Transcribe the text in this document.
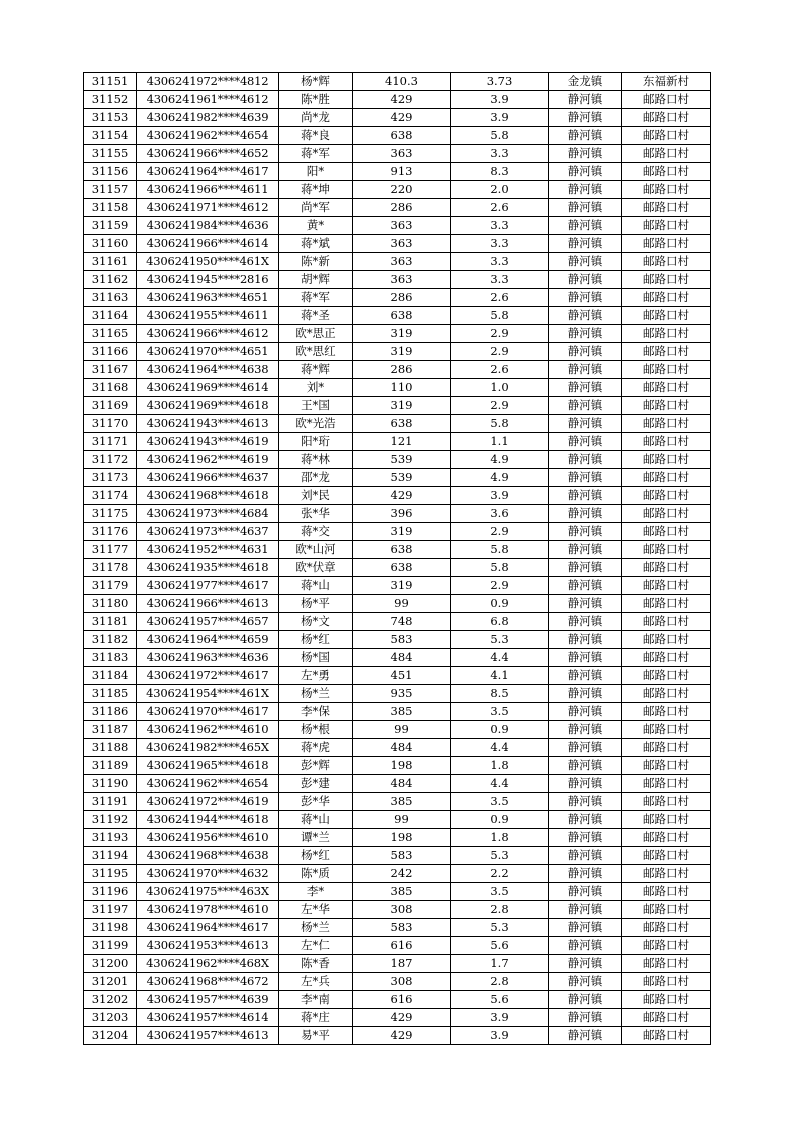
31151	4306241972****4812	杨*辉	410.3	3.73	金龙镇	东福新村
31152	4306241961****4612	陈*胜	429	3.9	静河镇	邮路口村
31153	4306241982****4639	尚*龙	429	3.9	静河镇	邮路口村
31154	4306241962****4654	蒋*良	638	5.8	静河镇	邮路口村
31155	4306241966****4652	蒋*军	363	3.3	静河镇	邮路口村
31156	4306241964****4617	阳*	913	8.3	静河镇	邮路口村
31157	4306241966****4611	蒋*坤	220	2.0	静河镇	邮路口村
31158	4306241971****4612	尚*军	286	2.6	静河镇	邮路口村
31159	4306241984****4636	黄*	363	3.3	静河镇	邮路口村
31160	4306241966****4614	蒋*斌	363	3.3	静河镇	邮路口村
31161	4306241950****461X	陈*新	363	3.3	静河镇	邮路口村
31162	4306241945****2816	胡*辉	363	3.3	静河镇	邮路口村
31163	4306241963****4651	蒋*军	286	2.6	静河镇	邮路口村
31164	4306241955****4611	蒋*圣	638	5.8	静河镇	邮路口村
31165	4306241966****4612	欧*思正	319	2.9	静河镇	邮路口村
31166	4306241970****4651	欧*思红	319	2.9	静河镇	邮路口村
31167	4306241964****4638	蒋*辉	286	2.6	静河镇	邮路口村
31168	4306241969****4614	刘*	110	1.0	静河镇	邮路口村
31169	4306241969****4618	王*国	319	2.9	静河镇	邮路口村
31170	4306241943****4613	欧*光浩	638	5.8	静河镇	邮路口村
31171	4306241943****4619	阳*珩	121	1.1	静河镇	邮路口村
31172	4306241962****4619	蒋*林	539	4.9	静河镇	邮路口村
31173	4306241966****4637	邵*龙	539	4.9	静河镇	邮路口村
31174	4306241968****4618	刘*民	429	3.9	静河镇	邮路口村
31175	4306241973****4684	张*华	396	3.6	静河镇	邮路口村
31176	4306241973****4637	蒋*交	319	2.9	静河镇	邮路口村
31177	4306241952****4631	欧*山河	638	5.8	静河镇	邮路口村
31178	4306241935****4618	欧*伏章	638	5.8	静河镇	邮路口村
31179	4306241977****4617	蒋*山	319	2.9	静河镇	邮路口村
31180	4306241966****4613	杨*平	99	0.9	静河镇	邮路口村
31181	4306241957****4657	杨*文	748	6.8	静河镇	邮路口村
31182	4306241964****4659	杨*红	583	5.3	静河镇	邮路口村
31183	4306241963****4636	杨*国	484	4.4	静河镇	邮路口村
31184	4306241972****4617	左*勇	451	4.1	静河镇	邮路口村
31185	4306241954****461X	杨*兰	935	8.5	静河镇	邮路口村
31186	4306241970****4617	李*保	385	3.5	静河镇	邮路口村
31187	4306241962****4610	杨*根	99	0.9	静河镇	邮路口村
31188	4306241982****465X	蒋*虎	484	4.4	静河镇	邮路口村
31189	4306241965****4618	彭*辉	198	1.8	静河镇	邮路口村
31190	4306241962****4654	彭*建	484	4.4	静河镇	邮路口村
31191	4306241972****4619	彭*华	385	3.5	静河镇	邮路口村
31192	4306241944****4618	蒋*山	99	0.9	静河镇	邮路口村
31193	4306241956****4610	谭*兰	198	1.8	静河镇	邮路口村
31194	4306241968****4638	杨*红	583	5.3	静河镇	邮路口村
31195	4306241970****4632	陈*质	242	2.2	静河镇	邮路口村
31196	4306241975****463X	李*	385	3.5	静河镇	邮路口村
31197	4306241978****4610	左*华	308	2.8	静河镇	邮路口村
31198	4306241964****4617	杨*兰	583	5.3	静河镇	邮路口村
31199	4306241953****4613	左*仁	616	5.6	静河镇	邮路口村
31200	4306241962****468X	陈*香	187	1.7	静河镇	邮路口村
31201	4306241968****4672	左*兵	308	2.8	静河镇	邮路口村
31202	4306241957****4639	李*南	616	5.6	静河镇	邮路口村
31203	4306241957****4614	蒋*庄	429	3.9	静河镇	邮路口村
31204	4306241957****4613	易*平	429	3.9	静河镇	邮路口村
